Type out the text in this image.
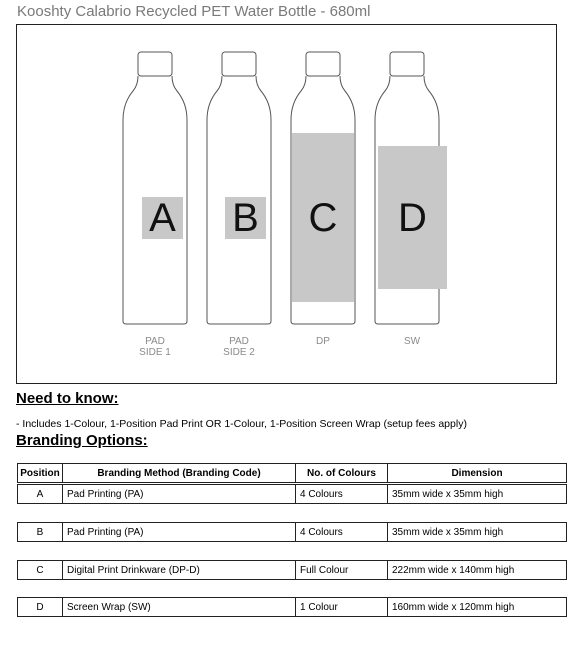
Kooshty Calabrio Recycled PET Water Bottle - 680ml
A B	C	D
PAD
SIDE 1
PAD
SIDE 2
DP	SW
Need to know:
- Includes 1-Colour, 1-Position Pad Print OR 1-Colour, 1-Position Screen Wrap (setup fees apply)
Branding Options:
Position	Branding Method (Branding Code)	No. of Colours	Dimension
A	Pad Printing (PA)	4 Colours	35mm wide x 35mm high
B	Pad Printing (PA)	4 Colours	35mm wide x 35mm high
C	Digital Print Drinkware (DP-D)	Full Colour	222mm wide x 140mm high
D	Screen Wrap (SW)	1 Colour	160mm wide x 120mm high
